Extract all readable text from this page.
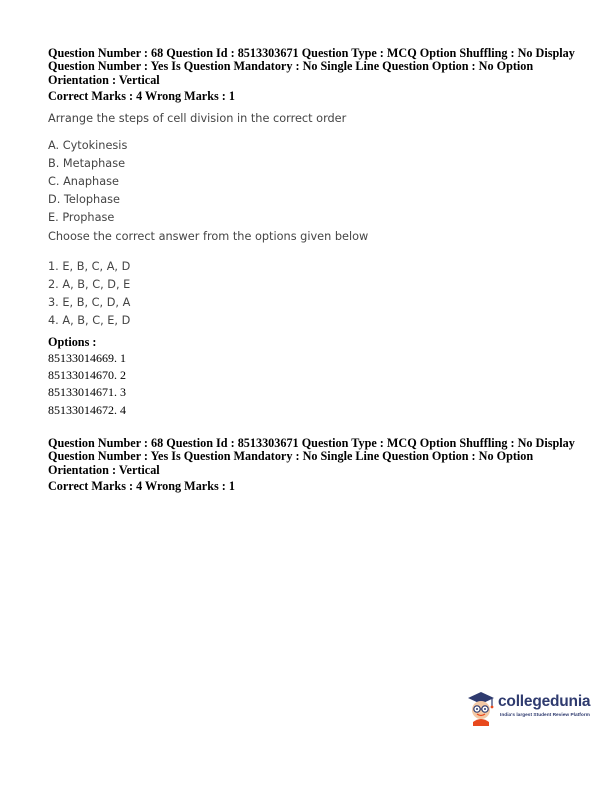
Question Number : 68 Question Id : 8513303671 Question Type : MCQ Option Shuffling : No Display

Question Number : Yes Is Question Mandatory : No Single Line Question Option : No Option

Orientation : Vertical

Correct Marks : 4 Wrong Marks : 1

Arrange the steps of cell division in the correct order

A. Cytokinesis
B. Metaphase
C. Anaphase
D. Telophase
E. Prophase

Choose the correct answer from the options given below

1. E, B, C, A, D
2. A, B, C, D, E
3. E, B, C, D, A
4. A, B, C, E, D
Options :
85133014669. 1
85133014670. 2
85133014671. 3
85133014672. 4

Question Number : 68 Question Id : 8513303671 Question Type : MCQ Option Shuffling : No Display

Question Number : Yes Is Question Mandatory : No Single Line Question Option : No Option

Orientation : Vertical

Correct Marks : 4 Wrong Marks : 1

collegedunia
India's largest Student Review Platform
